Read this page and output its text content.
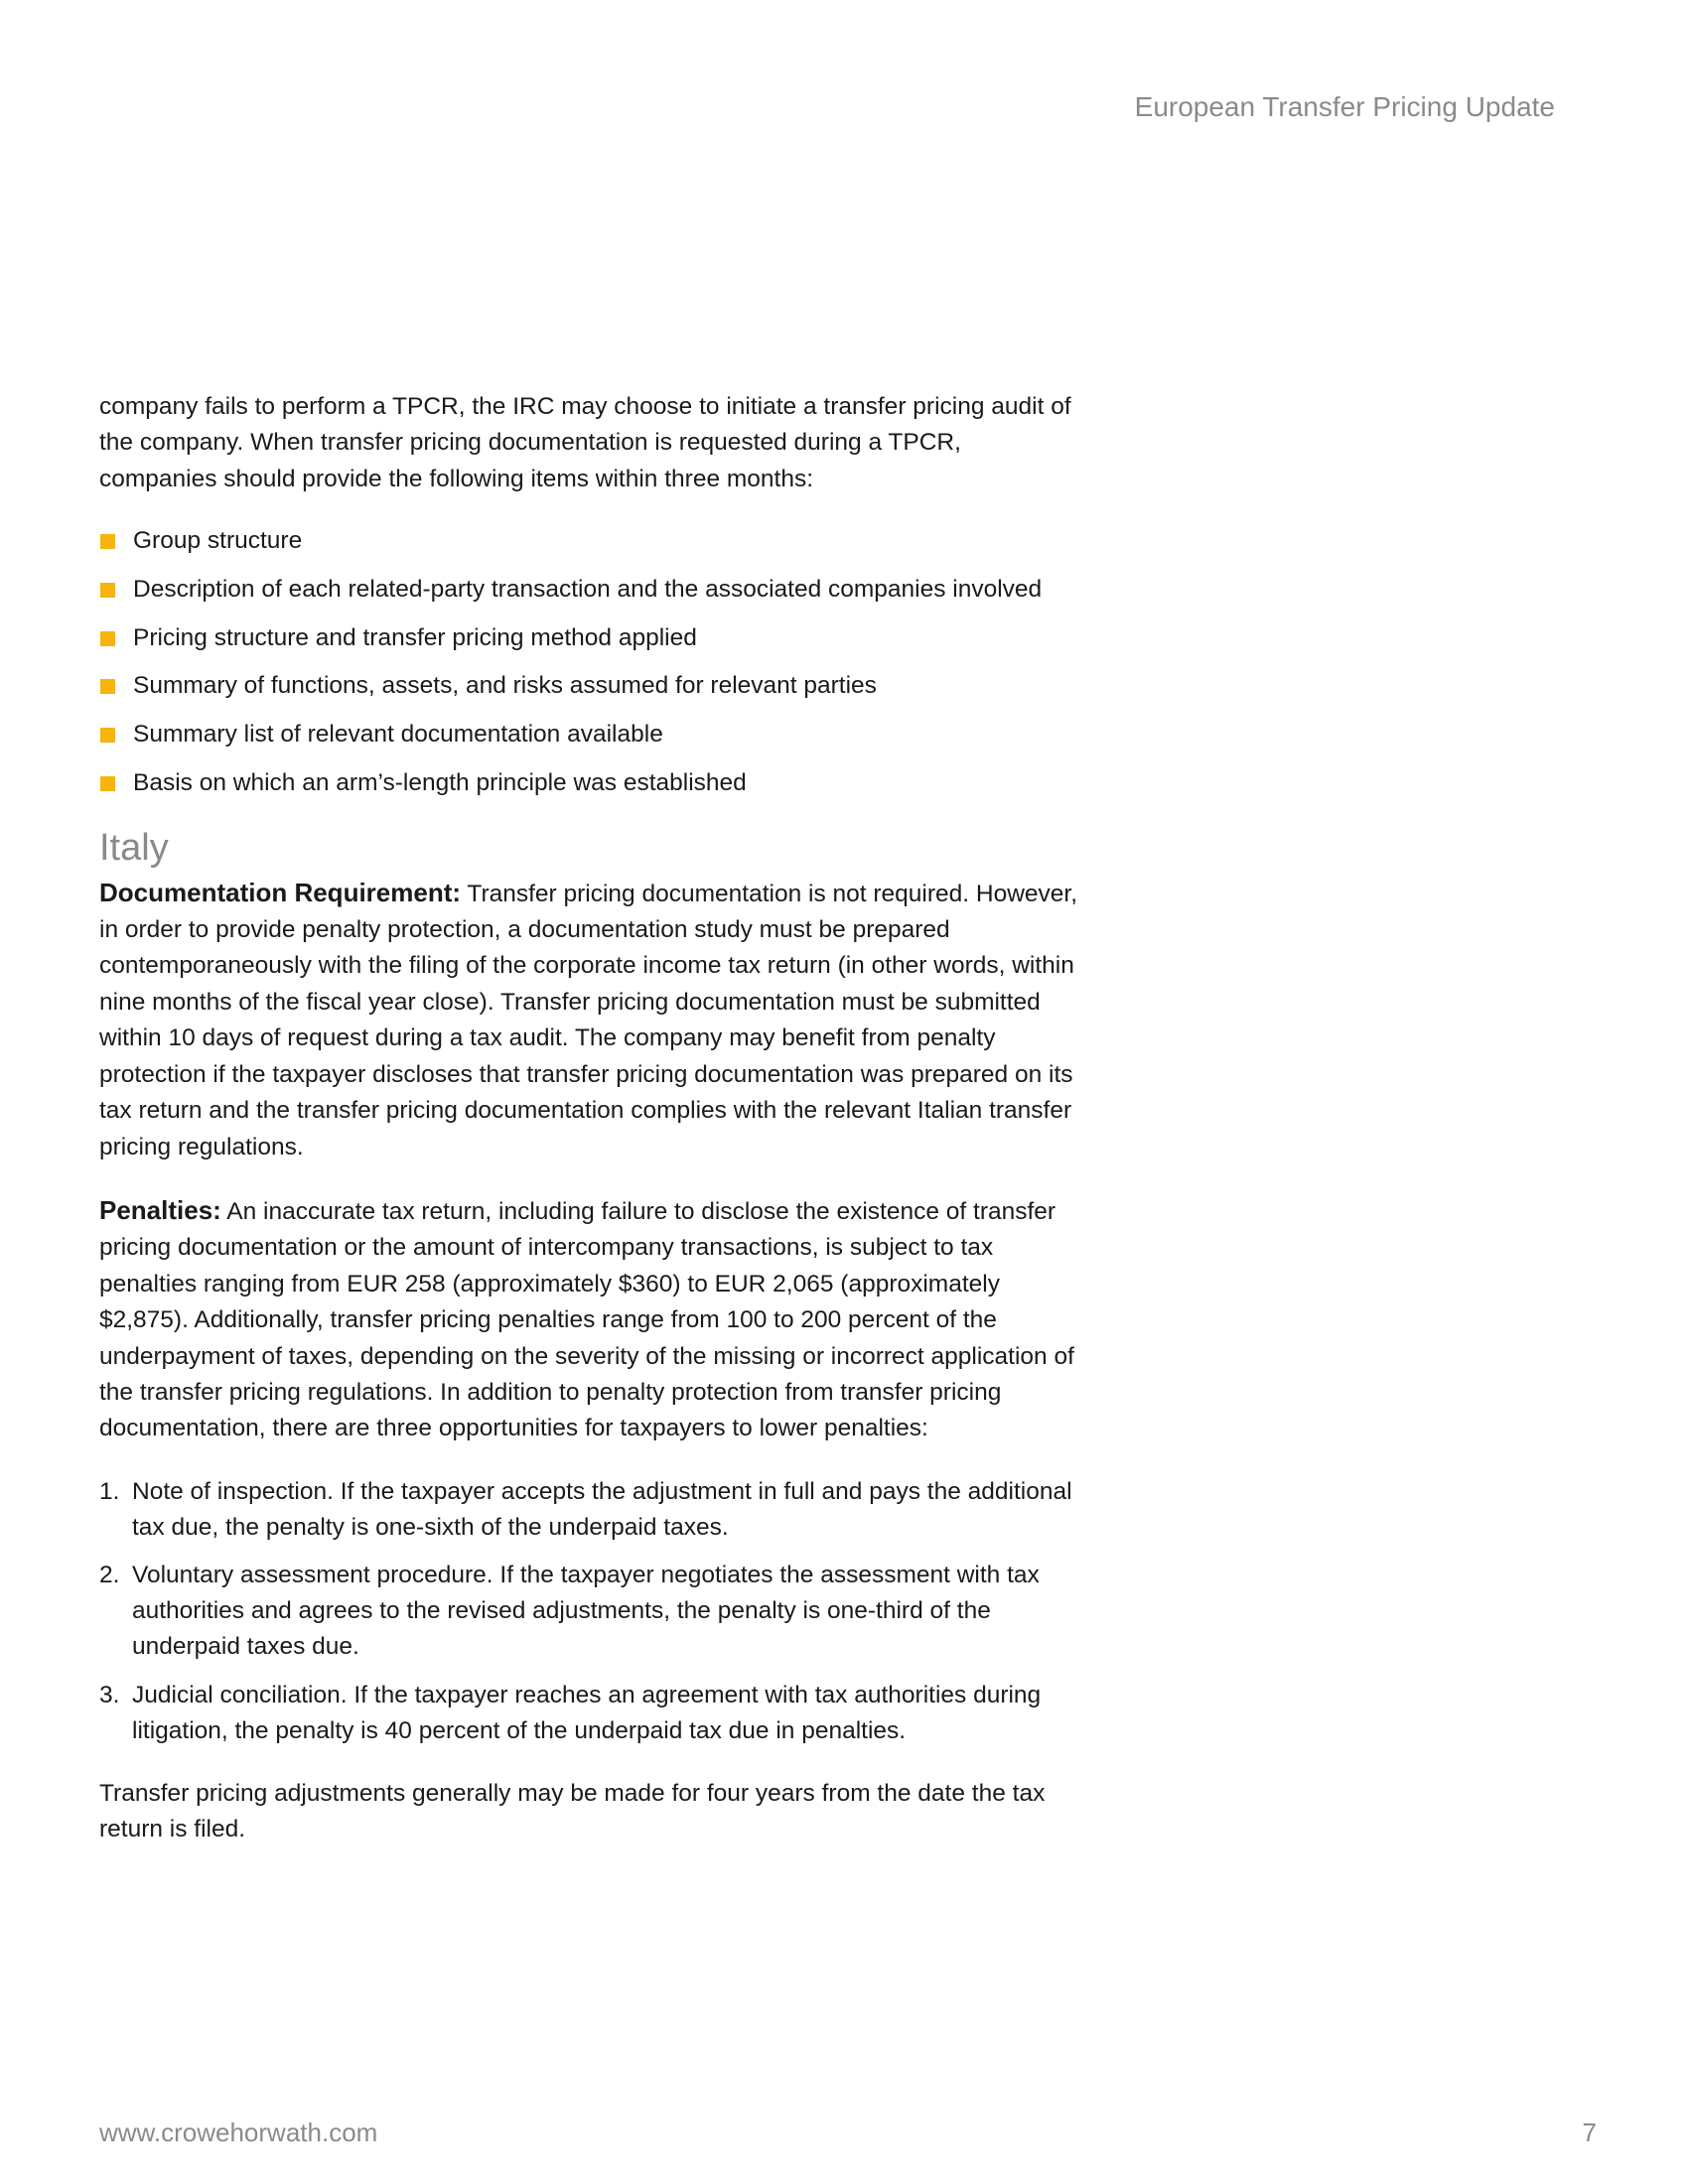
European Transfer Pricing Update

company fails to perform a TPCR, the IRC may choose to initiate a transfer pricing audit of the company. When transfer pricing documentation is requested during a TPCR, companies should provide the following items within three months:

Group structure
Description of each related-party transaction and the associated companies involved
Pricing structure and transfer pricing method applied
Summary of functions, assets, and risks assumed for relevant parties
Summary list of relevant documentation available
Basis on which an arm’s-length principle was established
Italy

Documentation Requirement: Transfer pricing documentation is not required. However, in order to provide penalty protection, a documentation study must be prepared contemporaneously with the filing of the corporate income tax return (in other words, within nine months of the fiscal year close). Transfer pricing documentation must be submitted within 10 days of request during a tax audit. The company may benefit from penalty protection if the taxpayer discloses that transfer pricing documentation was prepared on its tax return and the transfer pricing documentation complies with the relevant Italian transfer pricing regulations.

Penalties: An inaccurate tax return, including failure to disclose the existence of transfer pricing documentation or the amount of intercompany transactions, is subject to tax penalties ranging from EUR 258 (approximately $360) to EUR 2,065 (approximately $2,875). Additionally, transfer pricing penalties range from 100 to 200 percent of the underpayment of taxes, depending on the severity of the missing or incorrect application of the transfer pricing regulations. In addition to penalty protection from transfer pricing documentation, there are three opportunities for taxpayers to lower penalties:

1. Note of inspection. If the taxpayer accepts the adjustment in full and pays the additional tax due, the penalty is one-sixth of the underpaid taxes.
2. Voluntary assessment procedure. If the taxpayer negotiates the assessment with tax authorities and agrees to the revised adjustments, the penalty is one-third of the underpaid taxes due.
3. Judicial conciliation. If the taxpayer reaches an agreement with tax authorities during litigation, the penalty is 40 percent of the underpaid tax due in penalties.

Transfer pricing adjustments generally may be made for four years from the date the tax return is filed.

www.crowehorwath.com	7
